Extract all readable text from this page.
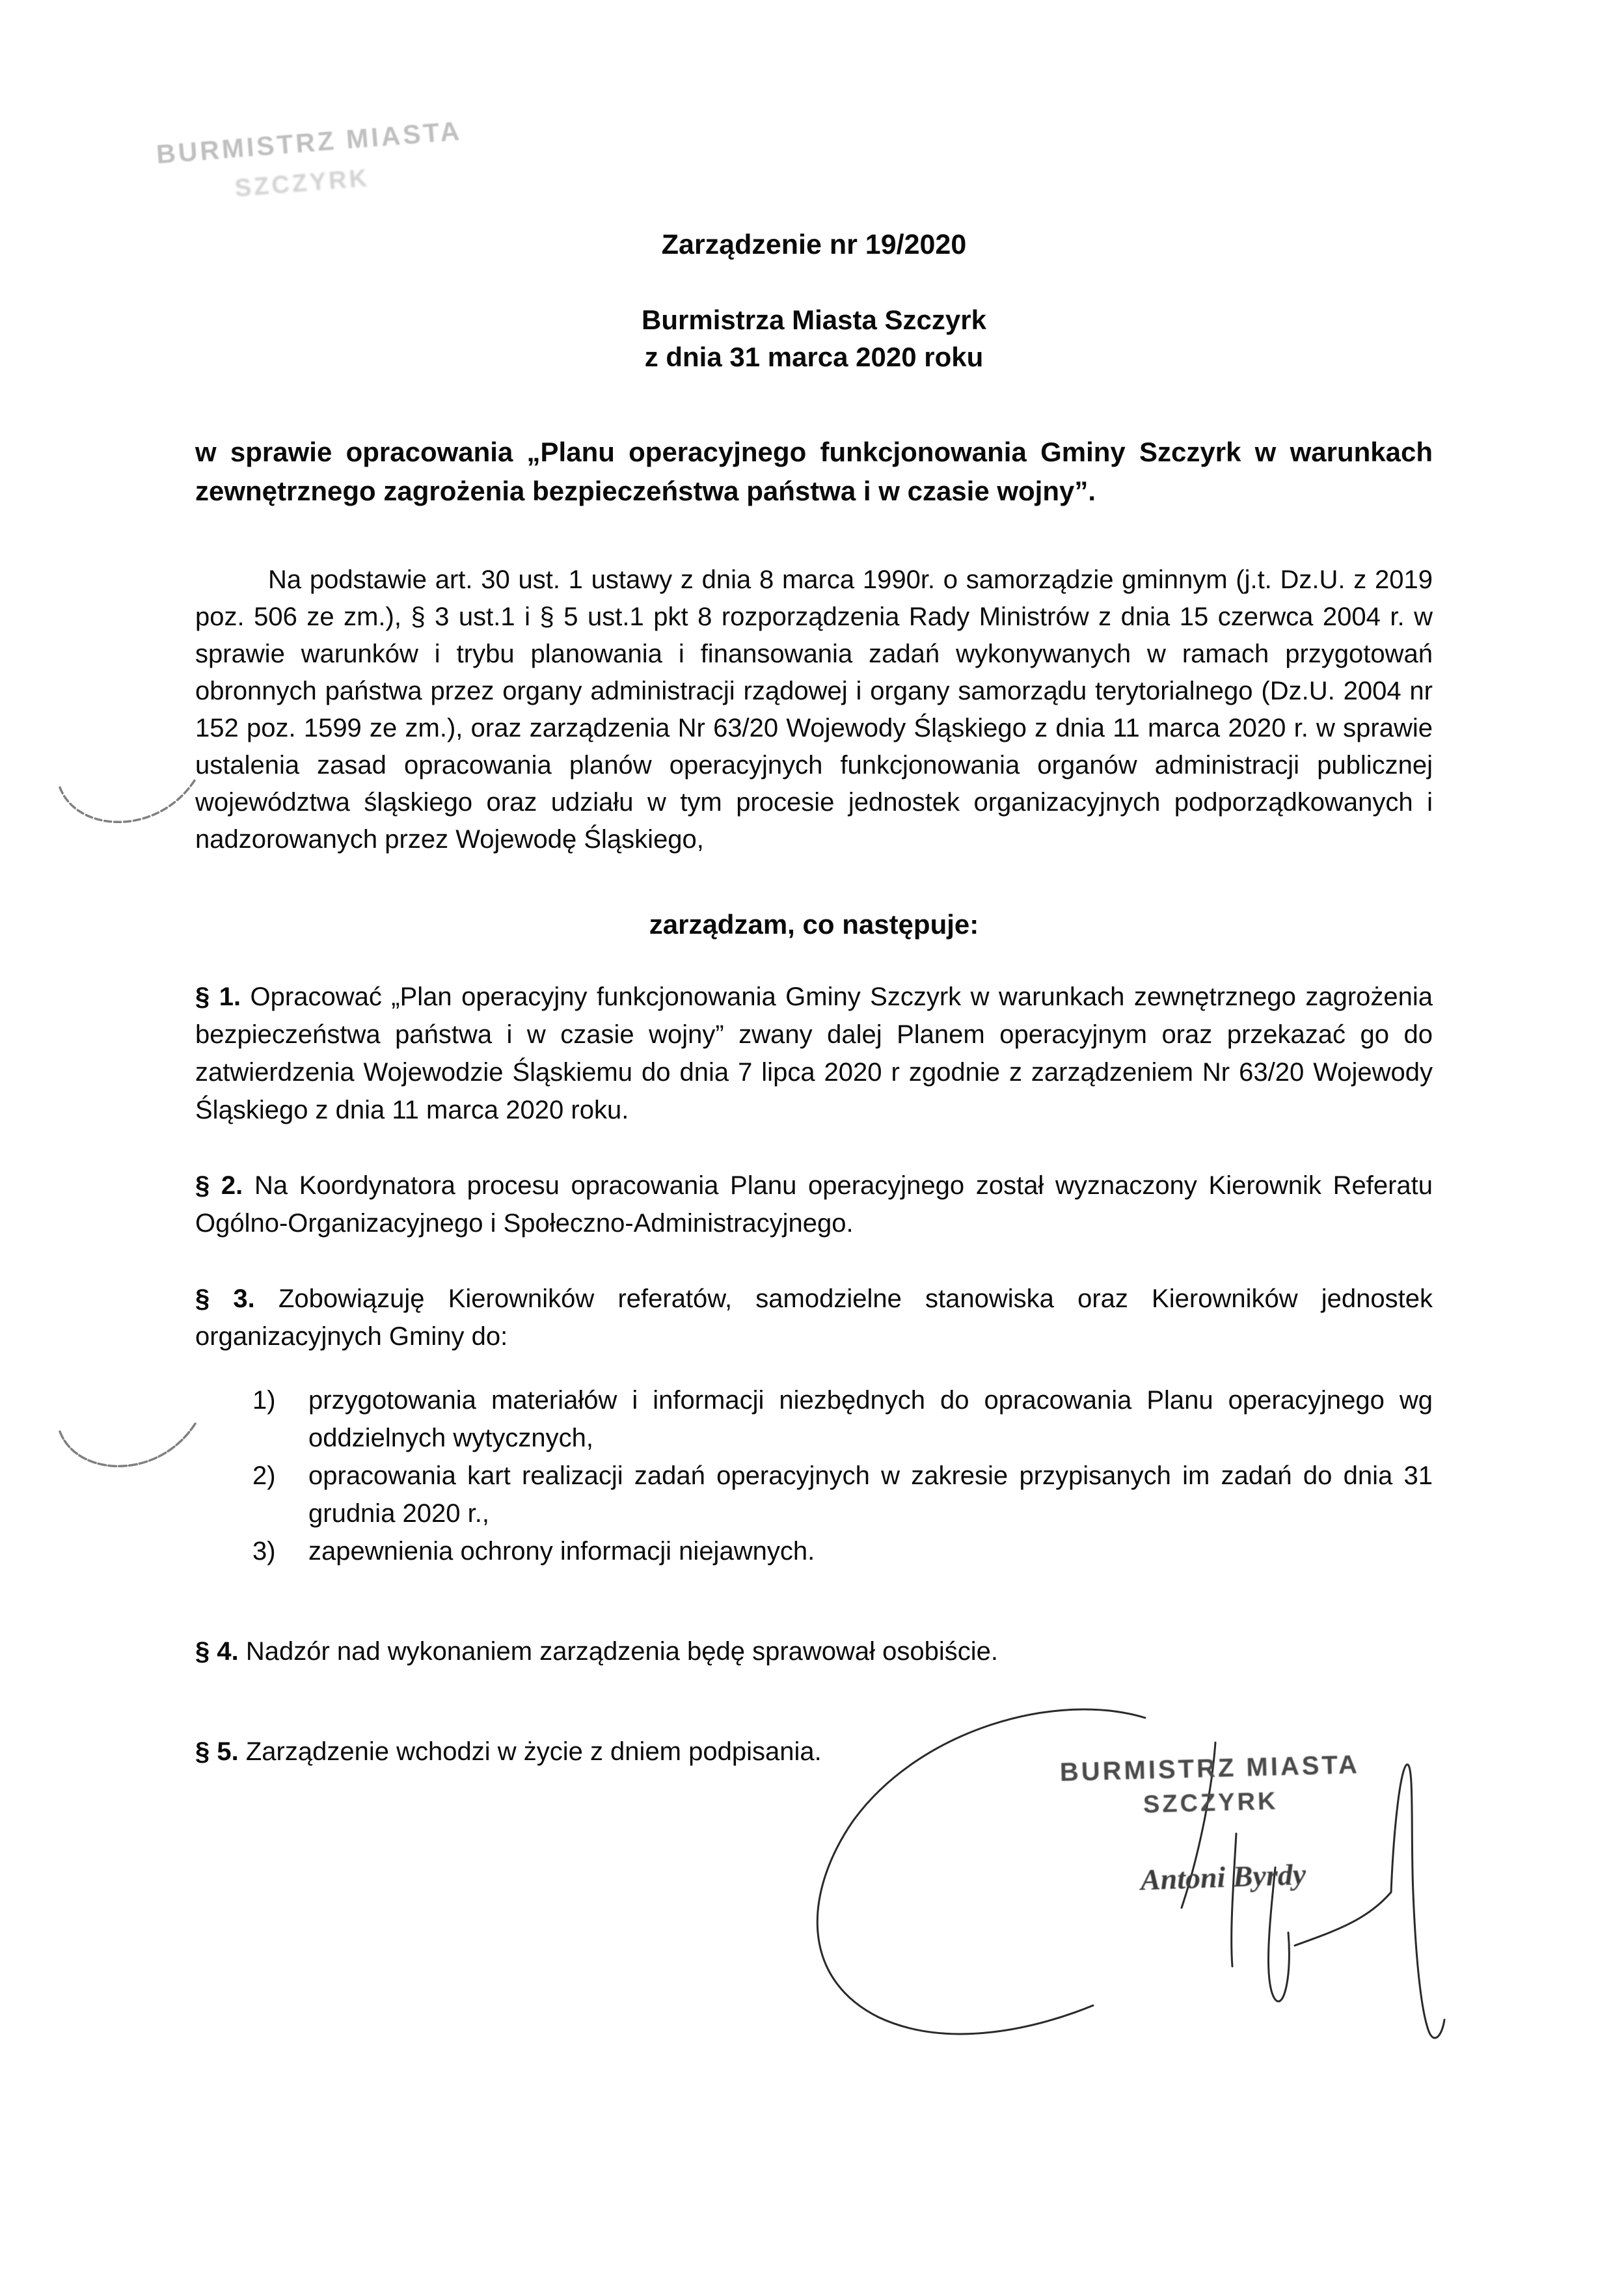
BURMISTRZ MIASTA
SZCZYRK
Zarządzenie nr 19/2020
Burmistrza Miasta Szczyrk
z dnia 31 marca 2020 roku

w sprawie opracowania „Planu operacyjnego funkcjonowania Gminy Szczyrk w warunkach zewnętrznego zagrożenia bezpieczeństwa państwa i w czasie wojny”.

Na podstawie art. 30 ust. 1 ustawy z dnia 8 marca 1990r. o samorządzie gminnym (j.t. Dz.U. z 2019 poz. 506 ze zm.), § 3 ust.1 i § 5 ust.1 pkt 8 rozporządzenia Rady Ministrów z dnia 15 czerwca 2004 r. w sprawie warunków i trybu planowania i finansowania zadań wykonywanych w ramach przygotowań obronnych państwa przez organy administracji rządowej i organy samorządu terytorialnego (Dz.U. 2004 nr 152 poz. 1599 ze zm.), oraz zarządzenia Nr 63/20 Wojewody Śląskiego z dnia 11 marca 2020 r. w sprawie ustalenia zasad opracowania planów operacyjnych funkcjonowania organów administracji publicznej województwa śląskiego oraz udziału w tym procesie jednostek organizacyjnych podporządkowanych i nadzorowanych przez Wojewodę Śląskiego,

zarządzam, co następuje:

§ 1. Opracować „Plan operacyjny funkcjonowania Gminy Szczyrk w warunkach zewnętrznego zagrożenia bezpieczeństwa państwa i w czasie wojny” zwany dalej Planem operacyjnym oraz przekazać go do zatwierdzenia Wojewodzie Śląskiemu do dnia 7 lipca 2020 r zgodnie z zarządzeniem Nr 63/20 Wojewody Śląskiego z dnia 11 marca 2020 roku.

§ 2. Na Koordynatora procesu opracowania Planu operacyjnego został wyznaczony Kierownik Referatu Ogólno-Organizacyjnego i Społeczno-Administracyjnego.

§ 3. Zobowiązuję Kierowników referatów, samodzielne stanowiska oraz Kierowników jednostek organizacyjnych Gminy do:

1)	przygotowania materiałów i informacji niezbędnych do opracowania Planu operacyjnego wg oddzielnych wytycznych,
2)	opracowania kart realizacji zadań operacyjnych w zakresie przypisanych im zadań do dnia 31 grudnia 2020 r.,
3)	zapewnienia ochrony informacji niejawnych.

§ 4. Nadzór nad wykonaniem zarządzenia będę sprawował osobiście.

§ 5. Zarządzenie wchodzi w życie z dniem podpisania.	BURMISTRZ MIASTA
SZCZYRK
Antoni Byrdy
